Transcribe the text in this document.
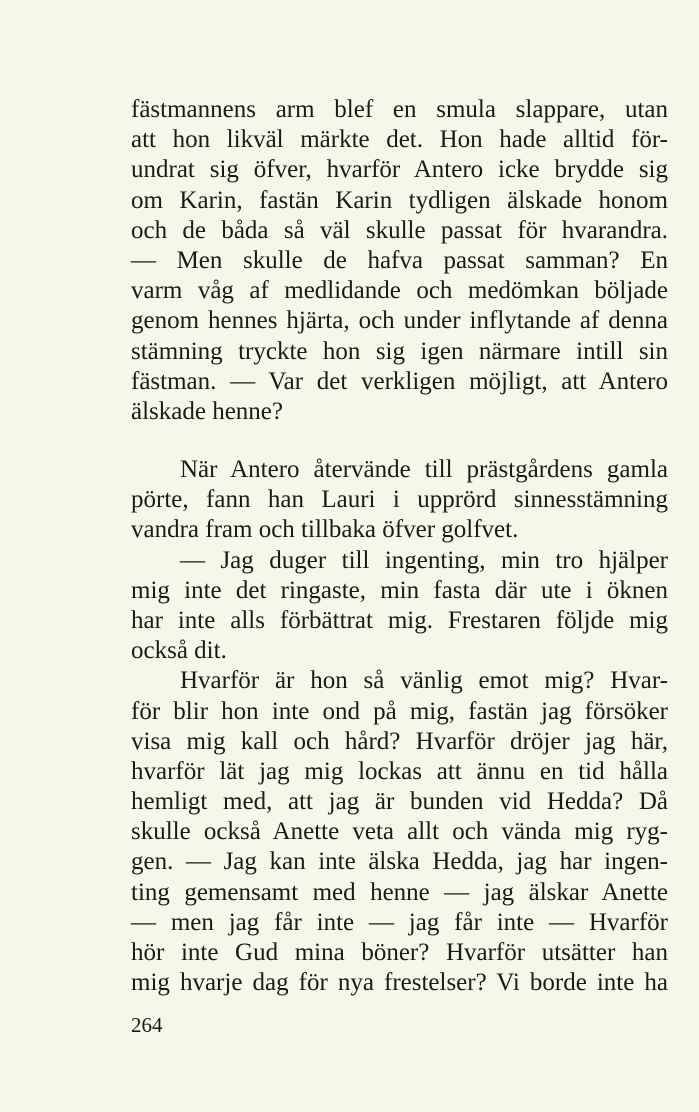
fästmannens arm blef en smula slappare, utan
att hon likväl märkte det. Hon hade alltid för-
undrat sig öfver, hvarför Antero icke brydde sig
om Karin, fastän Karin tydligen älskade honom
och de båda så väl skulle passat för hvarandra.
— Men skulle de hafva passat samman? En
varm våg af medlidande och medömkan böljade
genom hennes hjärta, och under inflytande af denna
stämning tryckte hon sig igen närmare intill sin
fästman. — Var det verkligen möjligt, att Antero
älskade henne?

När Antero återvände till prästgårdens gamla
pörte, fann han Lauri i upprörd sinnesstämning
vandra fram och tillbaka öfver golfvet.

— Jag duger till ingenting, min tro hjälper
mig inte det ringaste, min fasta där ute i öknen
har inte alls förbättrat mig. Frestaren följde mig
också dit.

Hvarför är hon så vänlig emot mig? Hvar-
för blir hon inte ond på mig, fastän jag försöker
visa mig kall och hård? Hvarför dröjer jag här,
hvarför lät jag mig lockas att ännu en tid hålla
hemligt med, att jag är bunden vid Hedda? Då
skulle också Anette veta allt och vända mig ryg-
gen. — Jag kan inte älska Hedda, jag har ingen-
ting gemensamt med henne — jag älskar Anette
— men jag får inte — jag får inte — Hvarför
hör inte Gud mina böner? Hvarför utsätter han
mig hvarje dag för nya frestelser? Vi borde inte ha

264
